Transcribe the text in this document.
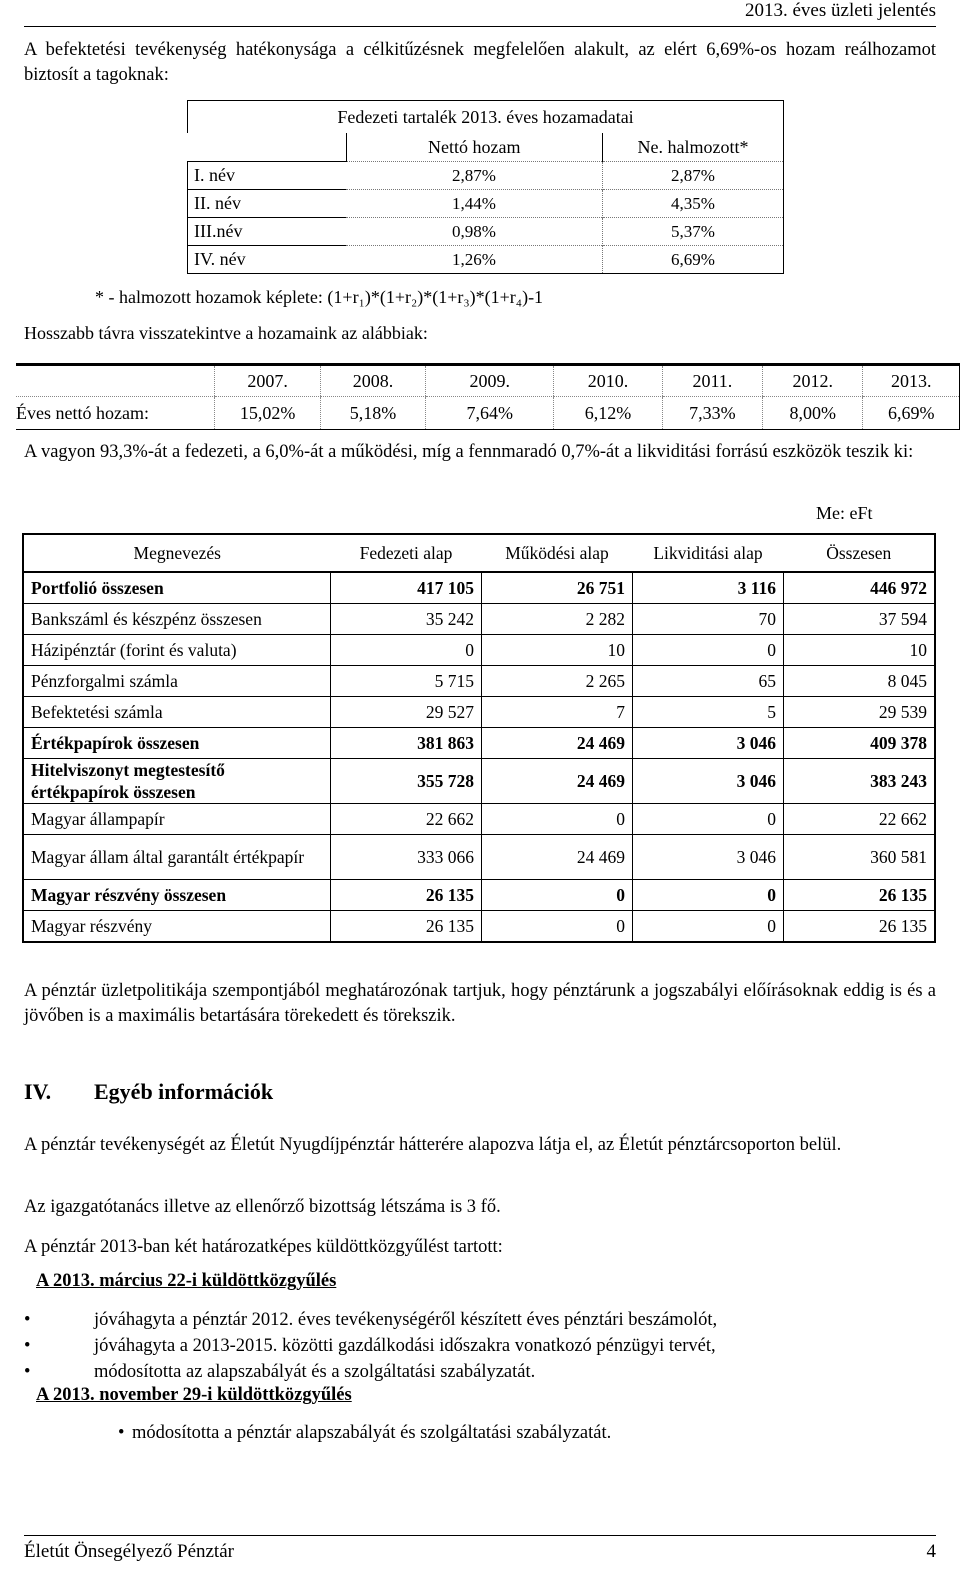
2013. éves üzleti jelentés
A befektetési tevékenység hatékonysága a célkitűzésnek megfelelően alakult, az elért 6,69%-os hozam reálhozamot biztosít a tagoknak:
Fedezeti tartalék 2013. éves hozamadatai		
	Nettó hozam	Ne. halmozott*
I. név	2,87%	2,87%
II. név	1,44%	4,35%
III.név	0,98%	5,37%
IV. név	1,26%	6,69%
* - halmozott hozamok képlete: (1+r₁)*(1+r₂)*(1+r₃)*(1+r₄)-1
Hosszabb távra visszatekintve a hozamaink az alábbiak:
	2007.	2008.	2009.	2010.	2011.	2012.	2013.
Éves nettó hozam:	15,02%	5,18%	7,64%	6,12%	7,33%	8,00%	6,69%
A vagyon 93,3%-át a fedezeti, a 6,0%-át a működési, míg a fennmaradó 0,7%-át a likviditási forrású eszközök teszik ki:
Me: eFt
Megnevezés	Fedezeti alap	Működési alap	Likviditási alap	Összesen
Portfolió összesen	417 105	26 751	3 116	446 972
Bankszáml és készpénz összesen	35 242	2 282	70	37 594
Házipénztár (forint és valuta)	0	10	0	10
Pénzforgalmi számla	5 715	2 265	65	8 045
Befektetési számla	29 527	7	5	29 539
Értékpapírok összesen	381 863	24 469	3 046	409 378
Hitelviszonyt megtestesítő értékpapírok összesen	355 728	24 469	3 046	383 243
Magyar állampapír	22 662	0	0	22 662
Magyar állam által garantált értékpapír	333 066	24 469	3 046	360 581
Magyar részvény összesen	26 135	0	0	26 135
Magyar részvény	26 135	0	0	26 135
A pénztár üzletpolitikája szempontjából meghatározónak tartjuk, hogy pénztárunk a jogszabályi előírásoknak eddig is és a jövőben is a maximális betartására törekedett és törekszik.
IV. Egyéb információk
A pénztár tevékenységét az Életút Nyugdíjpénztár hátterére alapozva látja el, az Életút pénztárcsoporton belül.
Az igazgatótanács illetve az ellenőrző bizottság létszáma is 3 fő.
A pénztár 2013-ban két határozatképes küldöttközgyűlést tartott:
A 2013. március 22-i küldöttközgyűlés
•	jóváhagyta a pénztár 2012. éves tevékenységéről készített éves pénztári beszámolót,
•	jóváhagyta a 2013-2015. közötti gazdálkodási időszakra vonatkozó pénzügyi tervét,
•	módosította az alapszabályát és a szolgáltatási szabályzatát.
A 2013. november 29-i küldöttközgyűlés
• módosította a pénztár alapszabályát és szolgáltatási szabályzatát.
Életút Önsegélyező Pénztár	4
